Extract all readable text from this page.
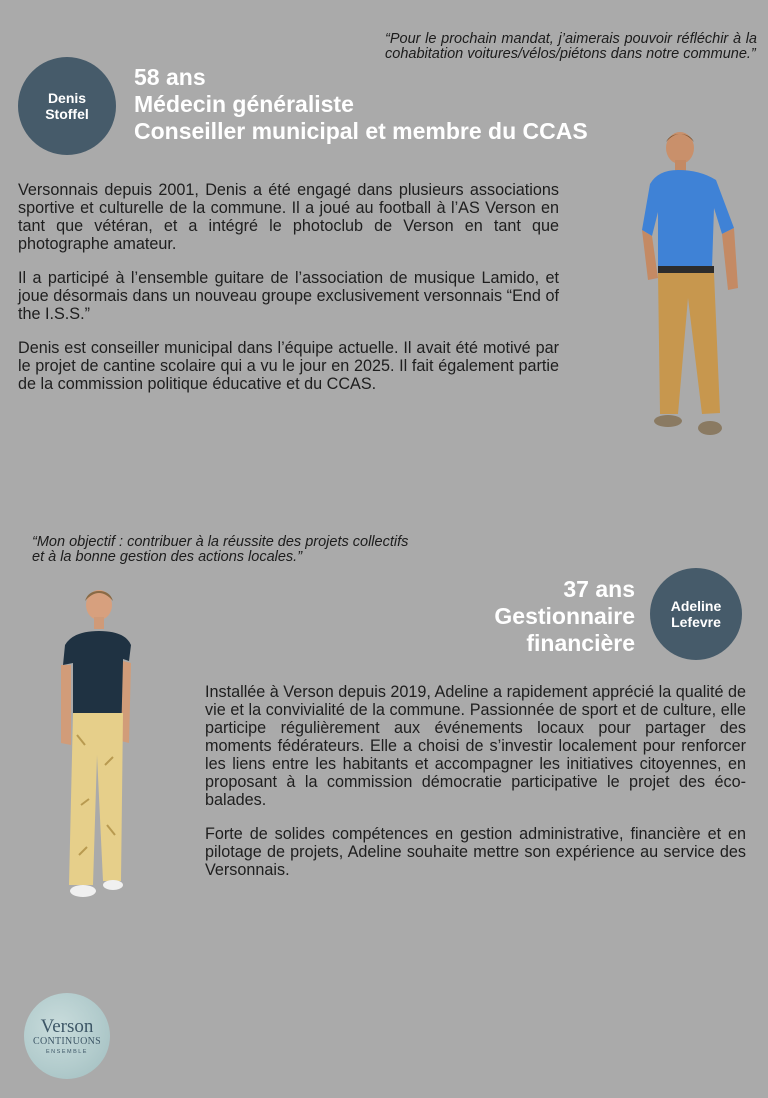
“Pour le prochain mandat, j’aimerais pouvoir réfléchir à la cohabitation voitures/vélos/piétons dans notre commune.”

Denis
Stoffel
58 ans
Médecin généraliste
Conseiller municipal et membre du CCAS

Versonnais depuis 2001, Denis a été engagé dans plusieurs associations sportive et culturelle de la commune. Il a joué au football à l’AS Verson en tant que vétéran, et a intégré le photoclub de Verson en tant que photographe amateur.

Il a participé à l’ensemble guitare de l’association de musique Lamido, et joue désormais dans un nouveau groupe exclusivement versonnais “End of the I.S.S.”

Denis est conseiller municipal dans l’équipe actuelle. Il avait été motivé par le projet de cantine scolaire qui a vu le jour en 2025. Il fait également partie de la commission politique éducative et du CCAS.

“Mon objectif : contribuer à la réussite des projets collectifs et à la bonne gestion des actions locales.”

37 ans
Gestionnaire
financière
Adeline
Lefevre

Installée à Verson depuis 2019, Adeline a rapidement apprécié la qualité de vie et la convivialité de la commune. Passionnée de sport et de culture, elle participe régulièrement aux événements locaux pour partager des moments fédérateurs. Elle a choisi de s’investir localement pour renforcer les liens entre les habitants et accompagner les initiatives citoyennes, en proposant à la commission démocratie participative le projet des éco-balades.

Forte de solides compétences en gestion administrative, financière et en pilotage de projets, Adeline souhaite mettre son expérience au service des Versonnais.

Verson
CONTINUONS
ENSEMBLE
